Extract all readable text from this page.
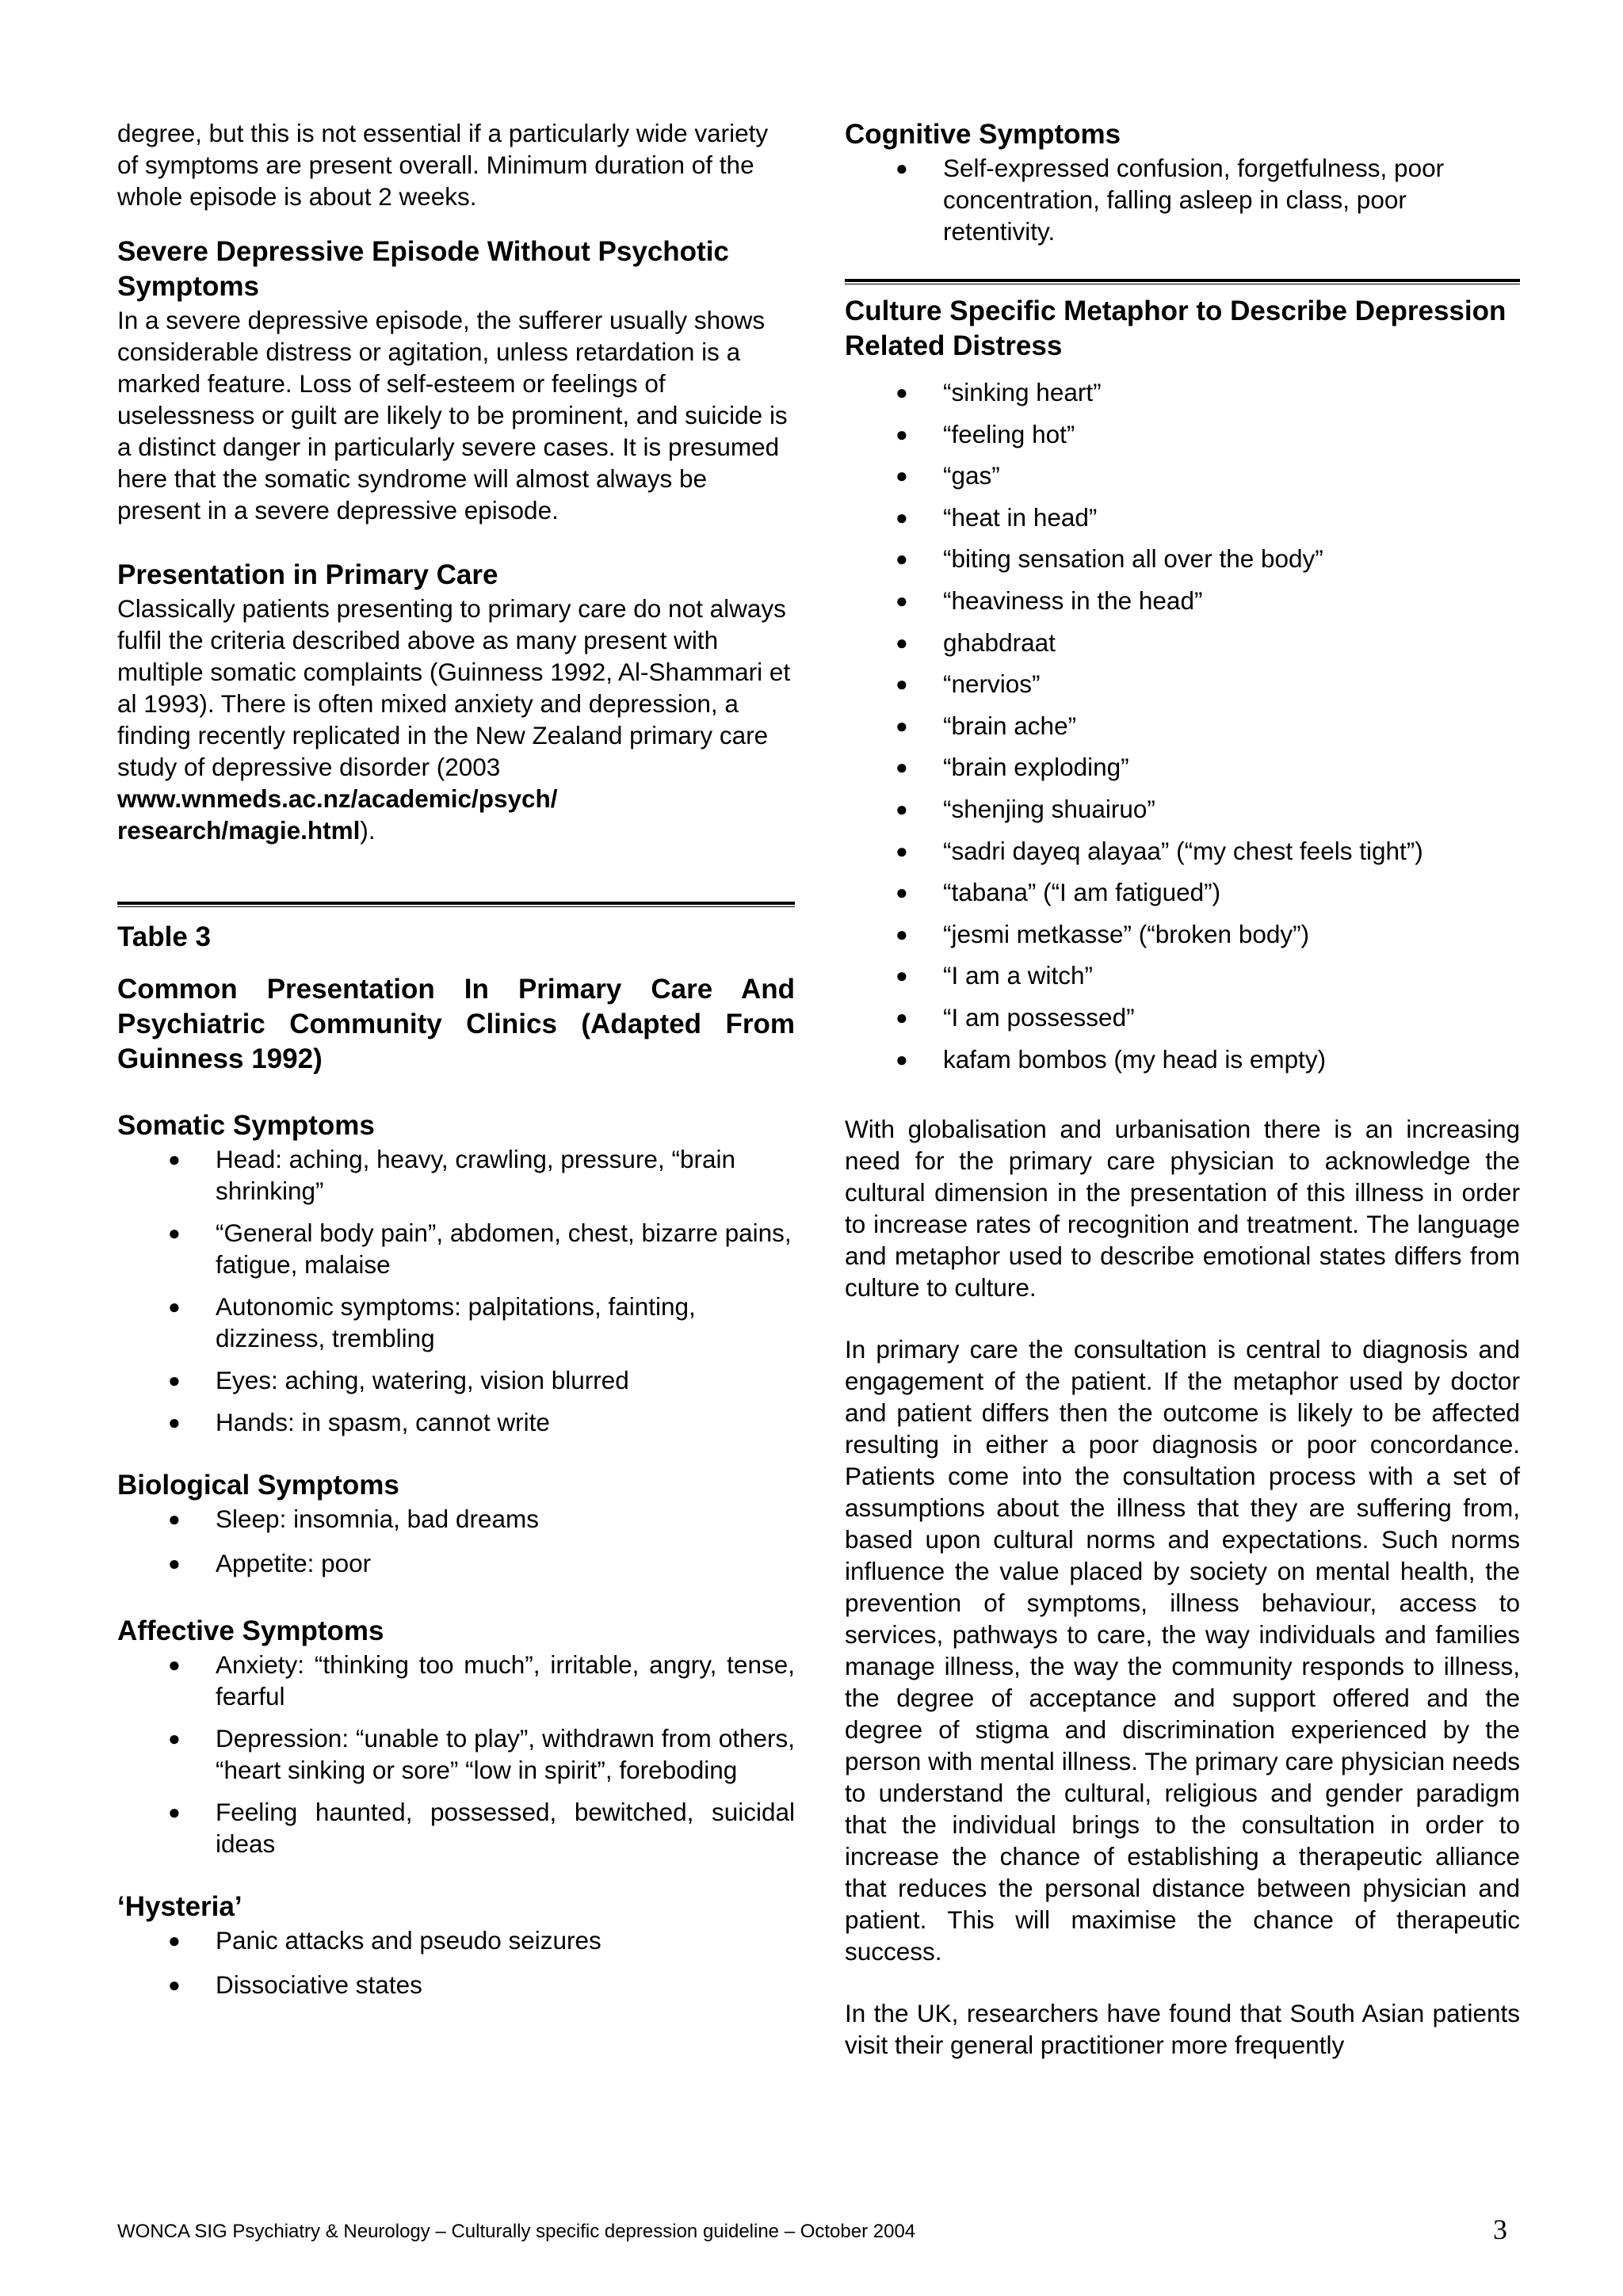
degree, but this is not essential if a particularly wide variety of symptoms are present overall. Minimum duration of the whole episode is about 2 weeks.

Severe Depressive Episode Without Psychotic Symptoms

In a severe depressive episode, the sufferer usually shows considerable distress or agitation, unless retardation is a marked feature. Loss of self-esteem or feelings of uselessness or guilt are likely to be prominent, and suicide is a distinct danger in particularly severe cases. It is presumed here that the somatic syndrome will almost always be present in a severe depressive episode.

Presentation in Primary Care

Classically patients presenting to primary care do not always fulfil the criteria described above as many present with multiple somatic complaints (Guinness 1992, Al-Shammari et al 1993). There is often mixed anxiety and depression, a finding recently replicated in the New Zealand primary care study of depressive disorder (2003 www.wnmeds.ac.nz/academic/psych/ research/magie.html).

Table 3
Common Presentation In Primary Care And Psychiatric Community Clinics (Adapted From Guinness 1992)
Somatic Symptoms
● Head: aching, heavy, crawling, pressure, “brain shrinking”
● “General body pain”, abdomen, chest, bizarre pains, fatigue, malaise
● Autonomic symptoms: palpitations, fainting, dizziness, trembling
● Eyes: aching, watering, vision blurred
● Hands: in spasm, cannot write
Biological Symptoms
● Sleep: insomnia, bad dreams
● Appetite: poor
Affective Symptoms
● Anxiety: “thinking too much”, irritable, angry, tense, fearful
● Depression: “unable to play”, withdrawn from others, “heart sinking or sore” “low in spirit”, foreboding
● Feeling haunted, possessed, bewitched, suicidal ideas
‘Hysteria’
● Panic attacks and pseudo seizures
● Dissociative states
Cognitive Symptoms
● Self-expressed confusion, forgetfulness, poor concentration, falling asleep in class, poor retentivity.
Culture Specific Metaphor to Describe Depression Related Distress
● “sinking heart”
● “feeling hot”
● “gas”
● “heat in head”
● “biting sensation all over the body”
● “heaviness in the head”
● ghabdraat
● “nervios”
● “brain ache”
● “brain exploding”
● “shenjing shuairuo”
● “sadri dayeq alayaa” (“my chest feels tight”)
● “tabana” (“I am fatigued”)
● “jesmi metkasse” (“broken body”)
● “I am a witch”
● “I am possessed”
● kafam bombos (my head is empty)

With globalisation and urbanisation there is an increasing need for the primary care physician to acknowledge the cultural dimension in the presentation of this illness in order to increase rates of recognition and treatment. The language and metaphor used to describe emotional states differs from culture to culture.

In primary care the consultation is central to diagnosis and engagement of the patient. If the metaphor used by doctor and patient differs then the outcome is likely to be affected resulting in either a poor diagnosis or poor concordance. Patients come into the consultation process with a set of assumptions about the illness that they are suffering from, based upon cultural norms and expectations. Such norms influence the value placed by society on mental health, the prevention of symptoms, illness behaviour, access to services, pathways to care, the way individuals and families manage illness, the way the community responds to illness, the degree of acceptance and support offered and the degree of stigma and discrimination experienced by the person with mental illness. The primary care physician needs to understand the cultural, religious and gender paradigm that the individual brings to the consultation in order to increase the chance of establishing a therapeutic alliance that reduces the personal distance between physician and patient. This will maximise the chance of therapeutic success.

In the UK, researchers have found that South Asian patients visit their general practitioner more frequently

WONCA SIG Psychiatry & Neurology – Culturally specific depression guideline – October 2004	3
